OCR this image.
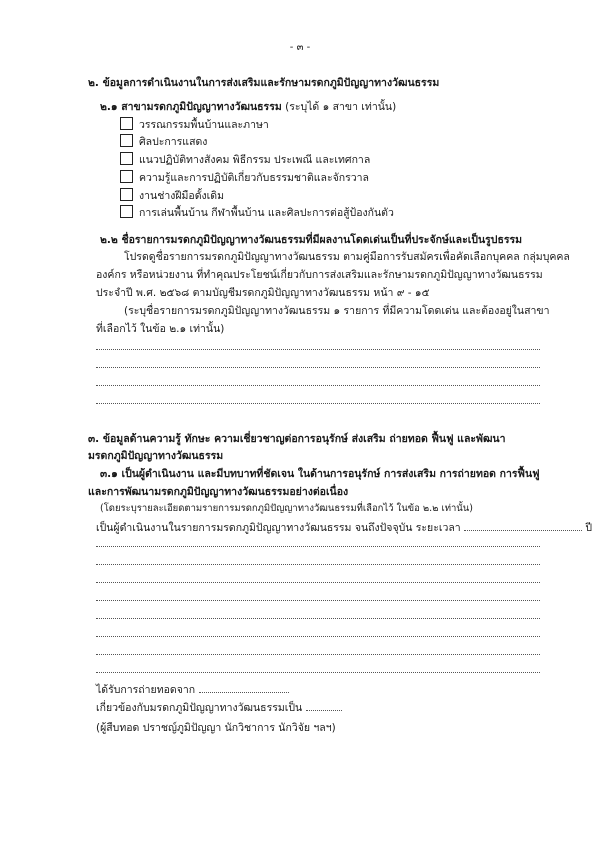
- ๓ -
๒. ข้อมูลการดำเนินงานในการส่งเสริมและรักษามรดกภูมิปัญญาทางวัฒนธรรม
๒.๑ สาขามรดกภูมิปัญญาทางวัฒนธรรม (ระบุได้ ๑ สาขา เท่านั้น)
วรรณกรรมพื้นบ้านและภาษา
ศิลปะการแสดง
แนวปฏิบัติทางสังคม พิธีกรรม ประเพณี และเทศกาล
ความรู้และการปฏิบัติเกี่ยวกับธรรมชาติและจักรวาล
งานช่างฝีมือดั้งเดิม
การเล่นพื้นบ้าน กีฬาพื้นบ้าน และศิลปะการต่อสู้ป้องกันตัว
๒.๒ ชื่อรายการมรดกภูมิปัญญาทางวัฒนธรรมที่มีผลงานโดดเด่นเป็นที่ประจักษ์และเป็นรูปธรรม
โปรดดูชื่อรายการมรดกภูมิปัญญาทางวัฒนธรรม ตามคู่มือการรับสมัครเพื่อคัดเลือกบุคคล กลุ่มบุคคล
องค์กร หรือหน่วยงาน ที่ทำคุณประโยชน์เกี่ยวกับการส่งเสริมและรักษามรดกภูมิปัญญาทางวัฒนธรรม
ประจำปี พ.ศ. ๒๕๖๘ ตามบัญชีมรดกภูมิปัญญาทางวัฒนธรรม หน้า ๙ - ๑๕
(ระบุชื่อรายการมรดกภูมิปัญญาทางวัฒนธรรม ๑ รายการ ที่มีความโดดเด่น และต้องอยู่ในสาขา
ที่เลือกไว้ ในข้อ ๒.๑ เท่านั้น)
๓. ข้อมูลด้านความรู้ ทักษะ ความเชี่ยวชาญต่อการอนุรักษ์ ส่งเสริม ถ่ายทอด ฟื้นฟู และพัฒนา
มรดกภูมิปัญญาทางวัฒนธรรม
๓.๑ เป็นผู้ดำเนินงาน และมีบทบาทที่ชัดเจน ในด้านการอนุรักษ์ การส่งเสริม การถ่ายทอด การฟื้นฟู
และการพัฒนามรดกภูมิปัญญาทางวัฒนธรรมอย่างต่อเนื่อง
(โดยระบุรายละเอียดตามรายการมรดกภูมิปัญญาทางวัฒนธรรมที่เลือกไว้ ในข้อ ๒.๒ เท่านั้น)
เป็นผู้ดำเนินงานในรายการมรดกภูมิปัญญาทางวัฒนธรรม จนถึงปัจจุบัน ระยะเวลา	ปี
ได้รับการถ่ายทอดจาก
เกี่ยวข้องกับมรดกภูมิปัญญาทางวัฒนธรรมเป็น
(ผู้สืบทอด ปราชญ์ภูมิปัญญา นักวิชาการ นักวิจัย ฯลฯ)
